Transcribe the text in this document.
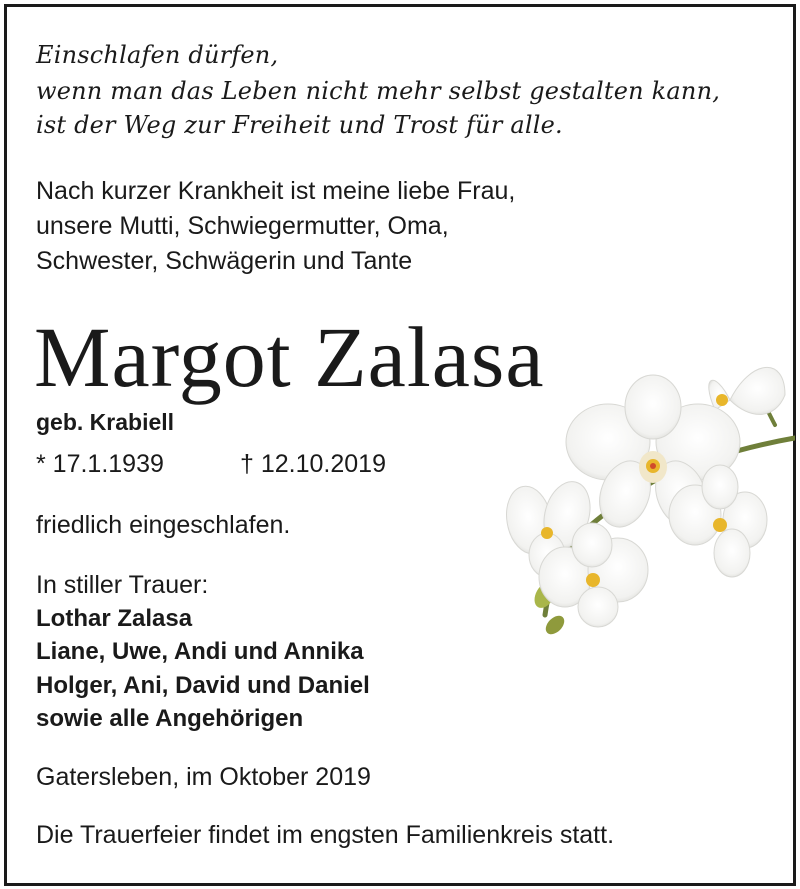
Einschlafen dürfen,
wenn man das Leben nicht mehr selbst gestalten kann,
ist der Weg zur Freiheit und Trost für alle.
Nach kurzer Krankheit ist meine liebe Frau,
unsere Mutti, Schwiegermutter, Oma,
Schwester, Schwägerin und Tante
Margot Zalasa
geb. Krabiell
* 17.1.1939	† 12.10.2019
friedlich eingeschlafen.
In stiller Trauer:
Lothar Zalasa
Liane, Uwe, Andi und Annika
Holger, Ani, David und Daniel
sowie alle Angehörigen
Gatersleben, im Oktober 2019
Die Trauerfeier findet im engsten Familienkreis statt.
